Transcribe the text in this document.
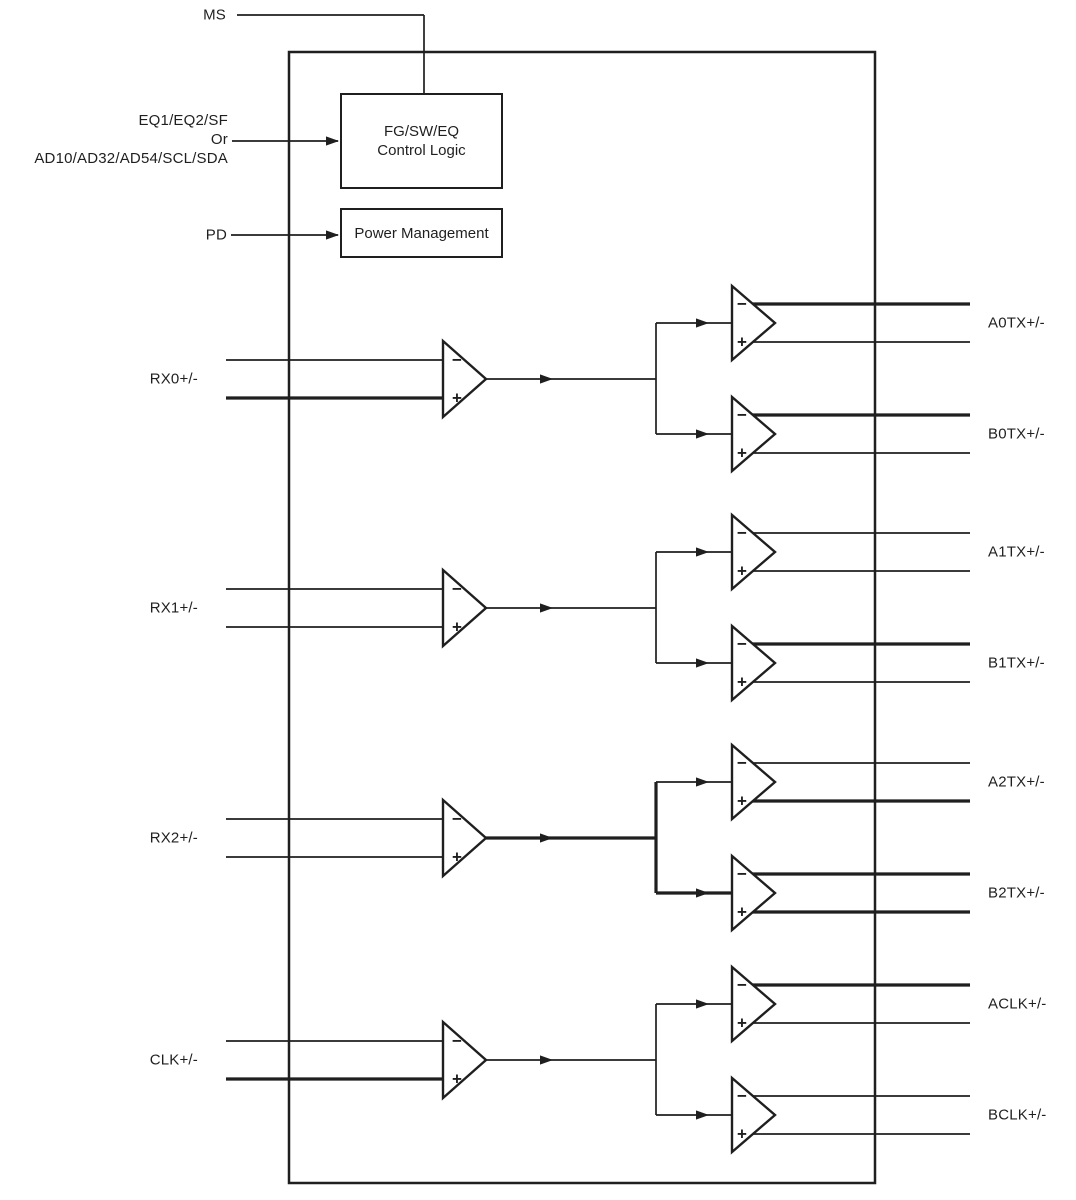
−
+
−
+
−
+
−
+
−
+
−
+
−
+
−
+
−
+
−
+
−
+
−
+
MS
EQ1/EQ2/SF
Or
AD10/AD32/AD54/SCL/SDA
PD
FG/SW/EQ
Control Logic
Power Management
RX0+/-
A0TX+/-
B0TX+/-
RX1+/-
A1TX+/-
B1TX+/-
RX2+/-
A2TX+/-
B2TX+/-
CLK+/-
ACLK+/-
BCLK+/-
